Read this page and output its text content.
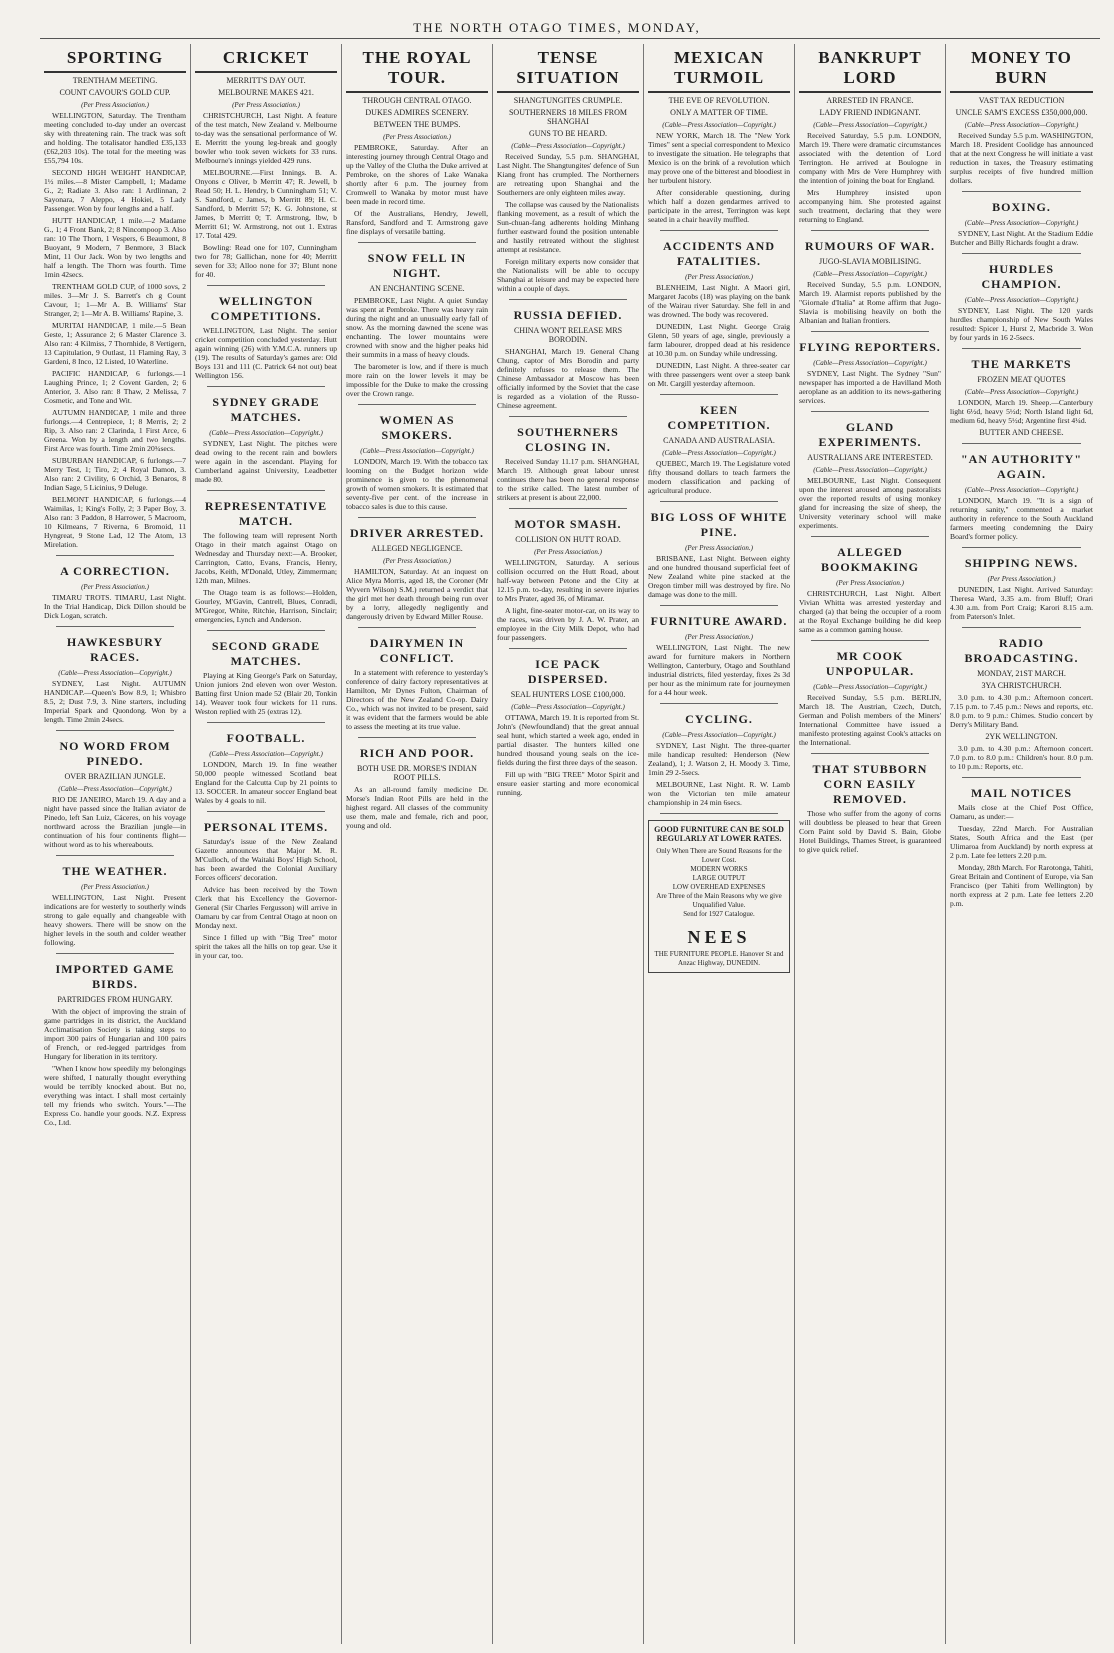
THE NORTH OTAGO TIMES, MONDAY,
SPORTING
TRENTHAM MEETING.
COUNT CAVOUR'S GOLD CUP.
(Per Press Association.)

WELLINGTON, Saturday. The Trentham meeting concluded to-day under an overcast sky with threatening rain. The track was soft and holding. The totalisator handled £35,133 (£62,203 10s). The total for the meeting was £55,794 10s.

SECOND HIGH WEIGHT HANDICAP, 1½ miles.—8 Mister Campbell, 1; Madame G., 2; Radiate 3. Also ran: 1 Ardlinnan, 2 Sayonara, 7 Aleppo, 4 Hokiei, 5 Lady Passenger. Won by four lengths and a half.

HUTT HANDICAP, 1 mile.—2 Madame G., 1; 4 Front Bank, 2; 8 Nincompoop 3. Also ran: 10 The Thorn, 1 Vespers, 6 Beaumont, 8 Buoyant, 9 Modern, 7 Benmore, 3 Black Mint, 11 Our Jack. Won by two lengths and half a length. The Thorn was fourth. Time 1min 42secs.

TRENTHAM GOLD CUP, of 1000 sovs, 2 miles. 3—Mr J. S. Barrett's ch g Count Cavour, 1; 1—Mr A. B. Williams' Star Stranger, 2; 1—Mr A. B. Williams' Rapine, 3.

MURITAI HANDICAP, 1 mile.—5 Bean Geste, 1; Assurance 2; 6 Master Clarence 3. Also ran: 4 Kilmiss, 7 Thornhide, 8 Vertigern, 13 Capitulation, 9 Outlast, 11 Flaming Ray, 3 Gardeni, 8 Inco, 12 Listed, 10 Waterline.

PACIFIC HANDICAP, 6 furlongs.—1 Laughing Prince, 1; 2 Covent Garden, 2; 6 Anterior, 3. Also ran: 8 Thaw, 2 Melissa, 7 Cosmetic, and Tone and Wit.

AUTUMN HANDICAP, 1 mile and three furlongs.—4 Centrepiece, 1; 8 Merris, 2; 2 Rip, 3. Also ran: 2 Clarinda, 1 First Arce, 6 Greena. Won by a length and two lengths. First Arce was fourth. Time 2min 20¾secs.

SUBURBAN HANDICAP, 6 furlongs.—7 Merry Test, 1; Tiro, 2; 4 Royal Damon, 3. Also ran: 2 Civility, 6 Orchid, 3 Benaros, 8 Indian Sage, 5 Licinius, 9 Deluge.

BELMONT HANDICAP, 6 furlongs.—4 Waimilas, 1; King's Folly, 2; 3 Paper Boy, 3. Also ran: 3 Paddon, 8 Harrower, 5 Macroom, 10 Kilmeans, 7 Riverna, 6 Bromoid, 11 Hyngreat, 9 Stone Lad, 12 The Atom, 13 Mirelation.

A CORRECTION.
(Per Press Association.)

TIMARU TROTS. TIMARU, Last Night. In the Trial Handicap, Dick Dillon should be Dick Logan, scratch.

HAWKESBURY RACES.
(Cable—Press Association—Copyright.)

SYDNEY, Last Night. AUTUMN HANDICAP.—Queen's Bow 8.9, 1; Whisbro 8.5, 2; Dust 7.9, 3. Nine starters, including Imperial Spark and Quondong. Won by a length. Time 2min 24secs.

NO WORD FROM PINEDO.
OVER BRAZILIAN JUNGLE.
(Cable—Press Association—Copyright.)

RIO DE JANEIRO, March 19. A day and a night have passed since the Italian aviator de Pinedo, left San Luiz, Cáceres, on his voyage northward across the Brazilian jungle—in continuation of his four continents flight—without word as to his whereabouts.

THE WEATHER.
(Per Press Association.)

WELLINGTON, Last Night. Present indications are for westerly to southerly winds strong to gale equally and changeable with heavy showers. There will be snow on the higher levels in the south and colder weather following.

IMPORTED GAME BIRDS.
PARTRIDGES FROM HUNGARY.

With the object of improving the strain of game partridges in its district, the Auckland Acclimatisation Society is taking steps to import 300 pairs of Hungarian and 100 pairs of French, or red-legged partridges from Hungary for liberation in its territory.

"When I know how speedily my belongings were shifted, I naturally thought everything would be terribly knocked about. But no, everything was intact. I shall most certainly tell my friends who switch. Yours."—The Express Co. handle your goods. N.Z. Express Co., Ltd.

CRICKET
MERRITT'S DAY OUT.
MELBOURNE MAKES 421.
(Per Press Association.)

CHRISTCHURCH, Last Night. A feature of the test match, New Zealand v. Melbourne to-day was the sensational performance of W. E. Merritt the young leg-break and googly bowler who took seven wickets for 33 runs. Melbourne's innings yielded 429 runs.

MELBOURNE.—First Innings. B. A. Onyons c Oliver, b Merritt 47; R. Jewell, b Read 50; H. L. Hendry, b Cunningham 51; V. S. Sandford, c James, b Merritt 89; H. C. Sandford, b Merritt 57; K. G. Johnstone, st James, b Merritt 0; T. Armstrong, lbw, b Merritt 61; W. Armstrong, not out 1. Extras 17. Total 429.

Bowling: Read one for 107, Cunningham two for 78; Gallichan, none for 40; Merritt seven for 33; Alloo none for 37; Blunt none for 40.

WELLINGTON COMPETITIONS.

WELLINGTON, Last Night. The senior cricket competition concluded yesterday. Hutt again winning (26) with Y.M.C.A. runners up (19). The results of Saturday's games are: Old Boys 131 and 111 (C. Patrick 64 not out) beat Wellington 156.

SYDNEY GRADE MATCHES.
(Cable—Press Association—Copyright.)

SYDNEY, Last Night. The pitches were dead owing to the recent rain and bowlers were again in the ascendant. Playing for Cumberland against University, Leadbetter made 80.

REPRESENTATIVE MATCH.

The following team will represent North Otago in their match against Otago on Wednesday and Thursday next:—A. Brooker, Carrington, Catto, Evans, Francis, Henry, Jacobs, Keith, M'Donald, Utley, Zimmerman; 12th man, Milnes.

The Otago team is as follows:—Holden, Gourley, M'Gavin, Cantrell, Blues, Conradi, M'Gregor, White, Ritchie, Harrison, Sinclair; emergencies, Lynch and Anderson.

SECOND GRADE MATCHES.

Playing at King George's Park on Saturday, Union juniors 2nd eleven won over Weston. Batting first Union made 52 (Blair 20, Tonkin 14). Weaver took four wickets for 11 runs. Weston replied with 25 (extras 12).

FOOTBALL.
(Cable—Press Association—Copyright.)

LONDON, March 19. In fine weather 50,000 people witnessed Scotland beat England for the Calcutta Cup by 21 points to 13. SOCCER. In amateur soccer England beat Wales by 4 goals to nil.

PERSONAL ITEMS.

Saturday's issue of the New Zealand Gazette announces that Major M. R. M'Culloch, of the Waitaki Boys' High School, has been awarded the Colonial Auxiliary Forces officers' decoration.

Advice has been received by the Town Clerk that his Excellency the Governor-General (Sir Charles Fergusson) will arrive in Oamaru by car from Central Otago at noon on Monday next.

Since I filled up with "Big Tree" motor spirit the takes all the hills on top gear. Use it in your car, too.

THE ROYAL TOUR.
THROUGH CENTRAL OTAGO.
DUKES ADMIRES SCENERY.
BETWEEN THE BUMPS.
(Per Press Association.)

PEMBROKE, Saturday. After an interesting journey through Central Otago and up the Valley of the Clutha the Duke arrived at Pembroke, on the shores of Lake Wanaka shortly after 6 p.m. The journey from Cromwell to Wanaka by motor must have been made in record time.

Of the Australians, Hendry, Jewell, Ransford, Sandford and T. Armstrong gave fine displays of versatile batting.

SNOW FELL IN NIGHT.
AN ENCHANTING SCENE.

PEMBROKE, Last Night. A quiet Sunday was spent at Pembroke. There was heavy rain during the night and an unusually early fall of snow. As the morning dawned the scene was enchanting. The lower mountains were crowned with snow and the higher peaks hid their summits in a mass of heavy clouds.

The barometer is low, and if there is much more rain on the lower levels it may be impossible for the Duke to make the crossing over the Crown range.

WOMEN AS SMOKERS.
(Cable—Press Association—Copyright.)

LONDON, March 19. With the tobacco tax looming on the Budget horizon wide prominence is given to the phenomenal growth of women smokers. It is estimated that seventy-five per cent. of the increase in tobacco sales is due to this cause.

DRIVER ARRESTED.
ALLEGED NEGLIGENCE.
(Per Press Association.)

HAMILTON, Saturday. At an inquest on Alice Myra Morris, aged 18, the Coroner (Mr Wyvern Wilson) S.M.) returned a verdict that the girl met her death through being run over by a lorry, allegedly negligently and dangerously driven by Edward Miller Rouse.

DAIRYMEN IN CONFLICT.

In a statement with reference to yesterday's conference of dairy factory representatives at Hamilton, Mr Dynes Fulton, Chairman of Directors of the New Zealand Co-op. Dairy Co., which was not invited to be present, said it was evident that the farmers would be able to assess the meeting at its true value.

RICH AND POOR.
BOTH USE DR. MORSE'S INDIAN ROOT PILLS.

As an all-round family medicine Dr. Morse's Indian Root Pills are held in the highest regard. All classes of the community use them, male and female, rich and poor, young and old.

TENSE SITUATION
SHANGTUNGITES CRUMPLE.
SOUTHERNERS 18 MILES FROM SHANGHAI
GUNS TO BE HEARD.
(Cable—Press Association—Copyright.)

Received Sunday, 5.5 p.m. SHANGHAI, Last Night. The Shangtungites' defence of Sun Kiang front has crumpled. The Northerners are retreating upon Shanghai and the Southerners are only eighteen miles away.

The collapse was caused by the Nationalists flanking movement, as a result of which the Sun-chuan-fang adherents holding Minhang further eastward found the position untenable and hastily retreated without the slightest attempt at resistance.

Foreign military experts now consider that the Nationalists will be able to occupy Shanghai at leisure and may be expected here within a couple of days.

RUSSIA DEFIED.
CHINA WON'T RELEASE MRS BORODIN.

SHANGHAI, March 19. General Chang Chung, captor of Mrs Borodin and party definitely refuses to release them. The Chinese Ambassador at Moscow has been officially informed by the Soviet that the case is regarded as a violation of the Russo-Chinese agreement.

SOUTHERNERS CLOSING IN.

Received Sunday 11.17 p.m. SHANGHAI, March 19. Although great labour unrest continues there has been no general response to the strike called. The latest number of strikers at present is about 22,000.

MOTOR SMASH.
COLLISION ON HUTT ROAD.
(Per Press Association.)

WELLINGTON, Saturday. A serious collision occurred on the Hutt Road, about half-way between Petone and the City at 12.15 p.m. to-day, resulting in severe injuries to Mrs Prater, aged 36, of Miramar.

A light, fine-seater motor-car, on its way to the races, was driven by J. A. W. Prater, an employee in the City Milk Depot, who had four passengers.

ICE PACK DISPERSED.
SEAL HUNTERS LOSE £100,000.
(Cable—Press Association—Copyright.)

OTTAWA, March 19. It is reported from St. John's (Newfoundland) that the great annual seal hunt, which started a week ago, ended in partial disaster. The hunters killed one hundred thousand young seals on the ice-fields during the first three days of the season.

Fill up with "BIG TREE" Motor Spirit and ensure easier starting and more economical running.

MEXICAN TURMOIL
THE EVE OF REVOLUTION.
ONLY A MATTER OF TIME.
(Cable—Press Association—Copyright.)

NEW YORK, March 18. The "New York Times" sent a special correspondent to Mexico to investigate the situation. He telegraphs that Mexico is on the brink of a revolution which may prove one of the bitterest and bloodiest in her turbulent history.

After considerable questioning, during which half a dozen gendarmes arrived to participate in the arrest, Terrington was kept seated in a chair heavily muffled.

ACCIDENTS AND FATALITIES.
(Per Press Association.)

BLENHEIM, Last Night. A Maori girl, Margaret Jacobs (18) was playing on the bank of the Wairau river Saturday. She fell in and was drowned. The body was recovered.

DUNEDIN, Last Night. George Craig Glenn, 50 years of age, single, previously a farm labourer, dropped dead at his residence at 10.30 p.m. on Sunday while undressing.

DUNEDIN, Last Night. A three-seater car with three passengers went over a steep bank on Mt. Cargill yesterday afternoon.

KEEN COMPETITION.
CANADA AND AUSTRALASIA.
(Cable—Press Association—Copyright.)

QUEBEC, March 19. The Legislature voted fifty thousand dollars to teach farmers the modern classification and packing of agricultural produce.

BIG LOSS OF WHITE PINE.
(Per Press Association.)

BRISBANE, Last Night. Between eighty and one hundred thousand superficial feet of New Zealand white pine stacked at the Oregon timber mill was destroyed by fire. No damage was done to the mill.

FURNITURE AWARD.
(Per Press Association.)

WELLINGTON, Last Night. The new award for furniture makers in Northern Wellington, Canterbury, Otago and Southland industrial districts, filed yesterday, fixes 2s 3d per hour as the minimum rate for journeymen for a 44 hour week.

CYCLING.
(Cable—Press Association—Copyright.)

SYDNEY, Last Night. The three-quarter mile handicap resulted: Henderson (New Zealand), 1; J. Watson 2, H. Moody 3. Time, 1min 29 2-5secs.

MELBOURNE, Last Night. R. W. Lamb won the Victorian ten mile amateur championship in 24 min 6secs.

GOOD FURNITURE CAN BE SOLD REGULARLY AT LOWER RATES.
Only When There are Sound Reasons for the Lower Cost.
MODERN WORKS
LARGE OUTPUT
LOW OVERHEAD EXPENSES
Are Three of the Main Reasons why we give Unqualified Value.
Send for 1927 Catalogue.
NEES
THE FURNITURE PEOPLE. Hanover St and Anzac Highway, DUNEDIN.
BANKRUPT LORD
ARRESTED IN FRANCE.
LADY FRIEND INDIGNANT.
(Cable—Press Association—Copyright.)

Received Saturday, 5.5 p.m. LONDON, March 19. There were dramatic circumstances associated with the detention of Lord Terrington. He arrived at Boulogne in company with Mrs de Vere Humphrey with the intention of joining the boat for England.

Mrs Humphrey insisted upon accompanying him. She protested against such treatment, declaring that they were returning to England.

RUMOURS OF WAR.
JUGO-SLAVIA MOBILISING.
(Cable—Press Association—Copyright.)

Received Sunday, 5.5 p.m. LONDON, March 19. Alarmist reports published by the "Giornale d'Italia" at Rome affirm that Jugo-Slavia is mobilising heavily on both the Albanian and Italian frontiers.

FLYING REPORTERS.
(Cable—Press Association—Copyright.)

SYDNEY, Last Night. The Sydney "Sun" newspaper has imported a de Havilland Moth aeroplane as an addition to its news-gathering services.

GLAND EXPERIMENTS.
AUSTRALIANS ARE INTERESTED.
(Cable—Press Association—Copyright.)

MELBOURNE, Last Night. Consequent upon the interest aroused among pastoralists over the reported results of using monkey gland for increasing the size of sheep, the University veterinary school will make experiments.

ALLEGED BOOKMAKING
(Per Press Association.)

CHRISTCHURCH, Last Night. Albert Vivian Whitta was arrested yesterday and charged (a) that being the occupier of a room at the Royal Exchange building he did keep same as a common gaming house.

MR COOK UNPOPULAR.
(Cable—Press Association—Copyright.)

Received Sunday, 5.5 p.m. BERLIN, March 18. The Austrian, Czech, Dutch, German and Polish members of the Miners' International Committee have issued a manifesto protesting against Cook's attacks on the International.

THAT STUBBORN CORN EASILY REMOVED.

Those who suffer from the agony of corns will doubtless be pleased to hear that Green Corn Paint sold by David S. Bain, Globe Hotel Buildings, Thames Street, is guaranteed to give quick relief.

MONEY TO BURN
VAST TAX REDUCTION
UNCLE SAM'S EXCESS £350,000,000.
(Cable—Press Association—Copyright.)

Received Sunday 5.5 p.m. WASHINGTON, March 18. President Coolidge has announced that at the next Congress he will initiate a vast reduction in taxes, the Treasury estimating surplus receipts of five hundred million dollars.

BOXING.
(Cable—Press Association—Copyright.)

SYDNEY, Last Night. At the Stadium Eddie Butcher and Billy Richards fought a draw.

HURDLES CHAMPION.
(Cable—Press Association—Copyright.)

SYDNEY, Last Night. The 120 yards hurdles championship of New South Wales resulted: Spicer 1, Hurst 2, Macbride 3. Won by four yards in 16 2-5secs.

THE MARKETS
FROZEN MEAT QUOTES
(Cable—Press Association—Copyright.)

LONDON, March 19. Sheep.—Canterbury light 6½d, heavy 5½d; North Island light 6d, medium 6d, heavy 5½d; Argentine first 4¼d.

BUTTER AND CHEESE.
"AN AUTHORITY" AGAIN.
(Cable—Press Association—Copyright.)

LONDON, March 19. "It is a sign of returning sanity," commented a market authority in reference to the South Auckland farmers meeting condemning the Dairy Board's former policy.

SHIPPING NEWS.
(Per Press Association.)

DUNEDIN, Last Night. Arrived Saturday: Theresa Ward, 3.35 a.m. from Bluff; Orari 4.30 a.m. from Port Craig; Karori 8.15 a.m. from Paterson's Inlet.

RADIO BROADCASTING.
MONDAY, 21ST MARCH.
3YA CHRISTCHURCH.

3.0 p.m. to 4.30 p.m.: Afternoon concert. 7.15 p.m. to 7.45 p.m.: News and reports, etc. 8.0 p.m. to 9 p.m.: Chimes. Studio concert by Derry's Military Band.

2YK WELLINGTON.

3.0 p.m. to 4.30 p.m.: Afternoon concert. 7.0 p.m. to 8.0 p.m.: Children's hour. 8.0 p.m. to 10 p.m.: Reports, etc.

MAIL NOTICES

Mails close at the Chief Post Office, Oamaru, as under:—

Tuesday, 22nd March. For Australian States, South Africa and the East (per Ulimaroa from Auckland) by north express at 2 p.m. Late fee letters 2.20 p.m.

Monday, 28th March. For Rarotonga, Tahiti, Great Britain and Continent of Europe, via San Francisco (per Tahiti from Wellington) by north express at 2 p.m. Late fee letters 2.20 p.m.
